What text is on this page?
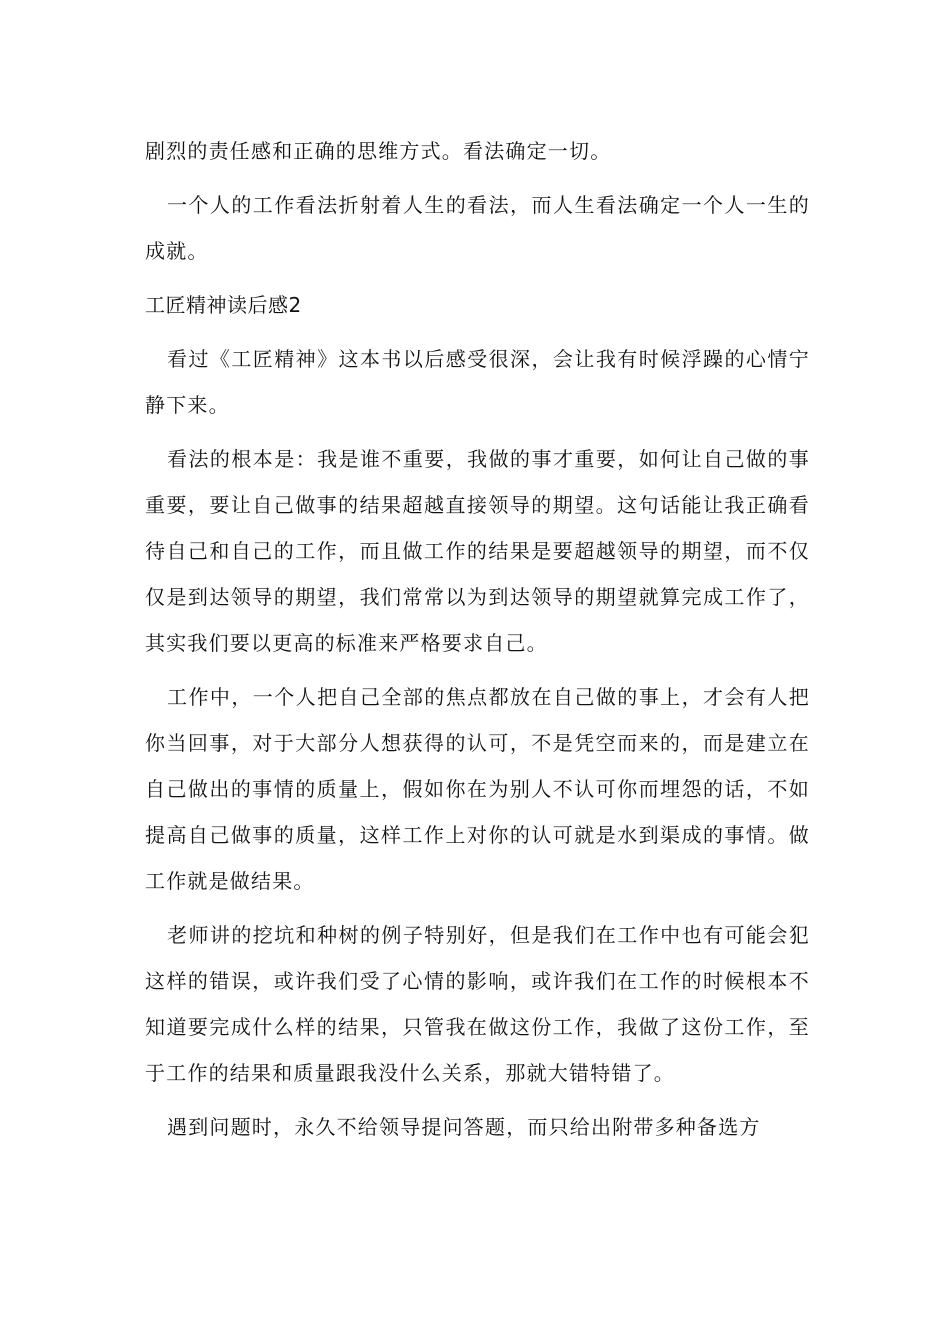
剧烈的责任感和正确的思维方式。看法确定一切。

一个人的工作看法折射着人生的看法，而人生看法确定一个人一生的成就。

工匠精神读后感2

看过《工匠精神》这本书以后感受很深，会让我有时候浮躁的心情宁静下来。

看法的根本是：我是谁不重要，我做的事才重要，如何让自己做的事重要，要让自己做事的结果超越直接领导的期望。这句话能让我正确看待自己和自己的工作，而且做工作的结果是要超越领导的期望，而不仅仅是到达领导的期望，我们常常以为到达领导的期望就算完成工作了，其实我们要以更高的标准来严格要求自己。

工作中，一个人把自己全部的焦点都放在自己做的事上，才会有人把你当回事，对于大部分人想获得的认可，不是凭空而来的，而是建立在自己做出的事情的质量上，假如你在为别人不认可你而埋怨的话，不如提高自己做事的质量，这样工作上对你的认可就是水到渠成的事情。做工作就是做结果。

老师讲的挖坑和种树的例子特别好，但是我们在工作中也有可能会犯这样的错误，或许我们受了心情的影响，或许我们在工作的时候根本不知道要完成什么样的结果，只管我在做这份工作，我做了这份工作，至于工作的结果和质量跟我没什么关系，那就大错特错了。

遇到问题时，永久不给领导提问答题，而只给出附带多种备选方
